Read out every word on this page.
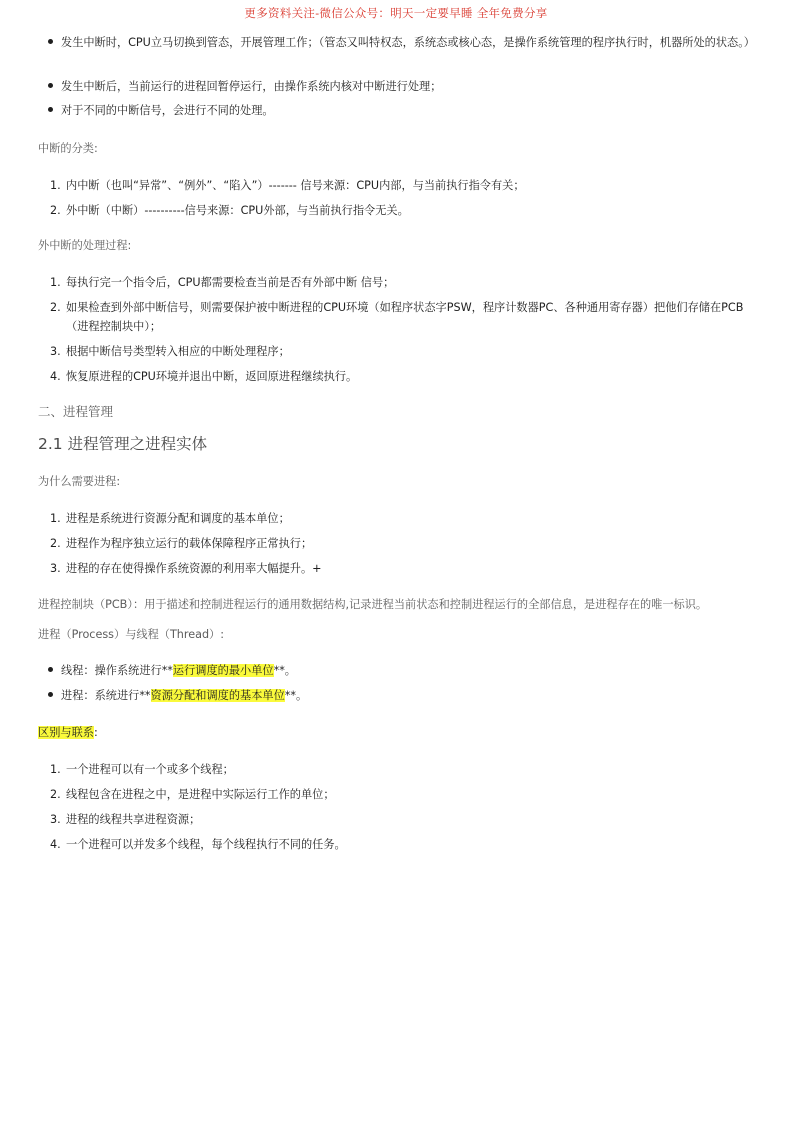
更多资料关注-微信公众号：明天一定要早睡 全年免费分享
发生中断时，CPU立马切换到管态，开展管理工作；（管态又叫特权态，系统态或核心态，是操作系统管理的程序执行时，机器所处的状态。）
发生中断后，当前运行的进程回暂停运行，由操作系统内核对中断进行处理；
对于不同的中断信号，会进行不同的处理。
中断的分类:
1. 内中断（也叫“异常”、“例外”、“陷入”）------- 信号来源：CPU内部，与当前执行指令有关；
2. 外中断（中断）----------信号来源：CPU外部，与当前执行指令无关。
外中断的处理过程:
1. 每执行完一个指令后，CPU都需要检查当前是否有外部中断 信号；
2. 如果检查到外部中断信号，则需要保护被中断进程的CPU环境（如程序状态字PSW，程序计数器PC、各种通用寄存器）把他们存储在PCB（进程控制块中）；
3. 根据中断信号类型转入相应的中断处理程序；
4. 恢复原进程的CPU环境并退出中断，返回原进程继续执行。
二、进程管理
2.1 进程管理之进程实体
为什么需要进程:
1. 进程是系统进行资源分配和调度的基本单位；
2. 进程作为程序独立运行的载体保障程序正常执行；
3. 进程的存在使得操作系统资源的利用率大幅提升。+
进程控制块（PCB）：用于描述和控制进程运行的通用数据结构,记录进程当前状态和控制进程运行的全部信息，是进程存在的唯一标识。
进程（Process）与线程（Thread）:
线程：操作系统进行**运行调度的最小单位**。
进程：系统进行**资源分配和调度的基本单位**。
区别与联系:
1. 一个进程可以有一个或多个线程；
2. 线程包含在进程之中，是进程中实际运行工作的单位；
3. 进程的线程共享进程资源；
4. 一个进程可以并发多个线程，每个线程执行不同的任务。
